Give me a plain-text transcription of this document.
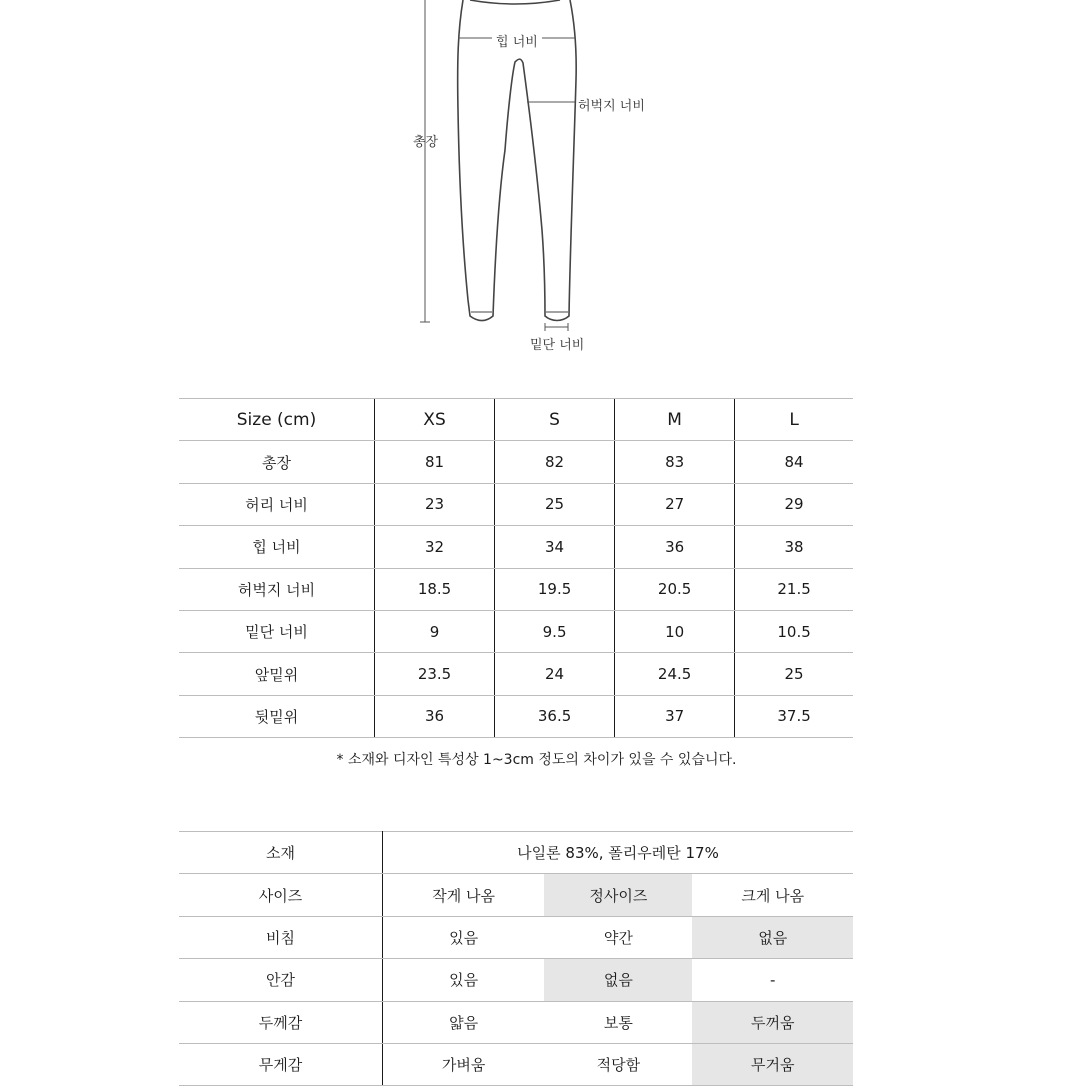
힙 너비
허벅지 너비
총장
밑단 너비
Size (cm)	XS	S	M	L
총장	81	82	83	84
허리 너비	23	25	27	29
힙 너비	32	34	36	38
허벅지 너비	18.5	19.5	20.5	21.5
밑단 너비	9	9.5	10	10.5
앞밑위	23.5	24	24.5	25
뒷밑위	36	36.5	37	37.5
* 소재와 디자인 특성상 1~3cm 정도의 차이가 있을 수 있습니다.
소재	나일론 83%, 폴리우레탄 17%		
사이즈	작게 나옴	정사이즈	크게 나옴
비침	있음	약간	없음
안감	있음	없음	-
두께감	얇음	보통	두꺼움
무게감	가벼움	적당함	무거움
